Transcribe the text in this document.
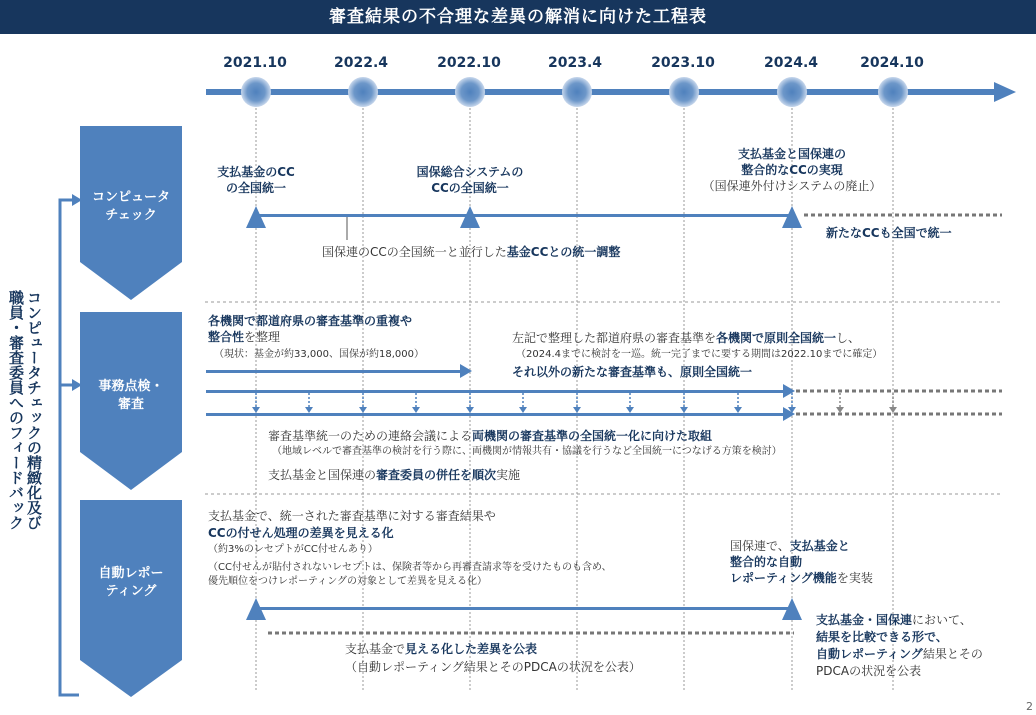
審査結果の不合理な差異の解消に向けた工程表
2021.10	2022.4	2022.10	2023.4	2023.10	2024.4	2024.10
コンピュータチェックの精緻化及び
職員・審査委員へのフィードバック
コンピュータ
チェック
事務点検・
審査
自動レポー
ティング
支払基金のCC
の全国統一
国保総合システムの
CCの全国統一
支払基金と国保連の
整合的なCCの実現
（国保連外付けシステムの廃止）
新たなCCも全国で統一
国保連のCCの全国統一と並行した基金CCとの統一調整
各機関で都道府県の審査基準の重複や
整合性を整理
（現状：基金が約33,000、国保が約18,000）
左記で整理した都道府県の審査基準を各機関で原則全国統一し、
（2024.4までに検討を一巡。統一完了までに要する期間は2022.10までに確定）
それ以外の新たな審査基準も、原則全国統一
審査基準統一のための連絡会議による両機関の審査基準の全国統一化に向けた取組
（地域レベルで審査基準の検討を行う際に、両機関が情報共有・協議を行うなど全国統一につなげる方策を検討）
支払基金と国保連の審査委員の併任を順次実施
支払基金で、統一された審査基準に対する審査結果や
CCの付せん処理の差異を見える化
（約3%のレセプトがCC付せんあり）
（CC付せんが貼付されないレセプトは、保険者等から再審査請求等を受けたものも含め、
優先順位をつけレポーティングの対象として差異を見える化）
国保連で、支払基金と
整合的な自動
レポーティング機能を実装
支払基金で見える化した差異を公表
（自動レポーティング結果とそのPDCAの状況を公表）
支払基金・国保連において、
結果を比較できる形で、
自動レポーティング結果とその
PDCAの状況を公表
2
